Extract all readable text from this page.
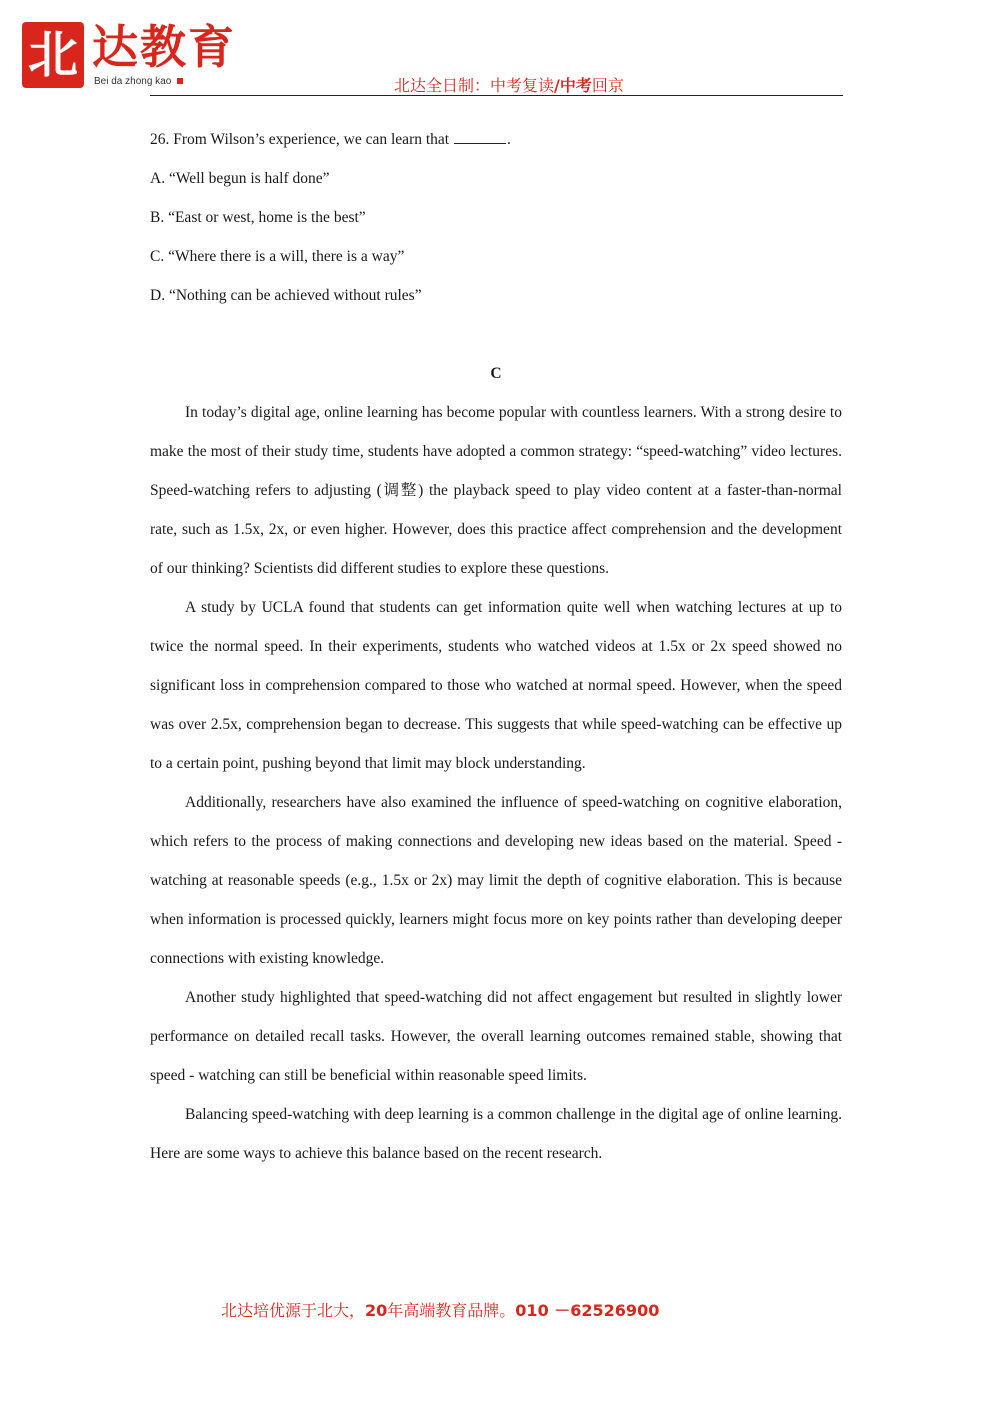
北 达教育
Bei da zhong kao	北达全日制：中考复读/中考回京

26. From Wilson’s experience, we can learn that	.

A. “Well begun is half done”

B. “East or west, home is the best”

C. “Where there is a will, there is a way”

D. “Nothing can be achieved without rules”

C

In today’s digital age, online learning has become popular with countless learners. With a strong desire to make the most of their study time, students have adopted a common strategy: “speed-watching” video lectures. Speed-watching refers to adjusting (调整) the playback speed to play video content at a faster-than-normal rate, such as 1.5x, 2x, or even higher. However, does this practice affect comprehension and the development of our thinking? Scientists did different studies to explore these questions.

A study by UCLA found that students can get information quite well when watching lectures at up to twice the normal speed. In their experiments, students who watched videos at 1.5x or 2x speed showed no significant loss in comprehension compared to those who watched at normal speed. However, when the speed was over 2.5x, comprehension began to decrease. This suggests that while speed-watching can be effective up to a certain point, pushing beyond that limit may block understanding.

Additionally, researchers have also examined the influence of speed-watching on cognitive elaboration, which refers to the process of making connections and developing new ideas based on the material. Speed - watching at reasonable speeds (e.g., 1.5x or 2x) may limit the depth of cognitive elaboration. This is because when information is processed quickly, learners might focus more on key points rather than developing deeper connections with existing knowledge.

Another study highlighted that speed-watching did not affect engagement but resulted in slightly lower performance on detailed recall tasks. However, the overall learning outcomes remained stable, showing that speed - watching can still be beneficial within reasonable speed limits.

Balancing speed-watching with deep learning is a common challenge in the digital age of online learning. Here are some ways to achieve this balance based on the recent research.

北达培优源于北大，20年高端教育品牌。010 －62526900
